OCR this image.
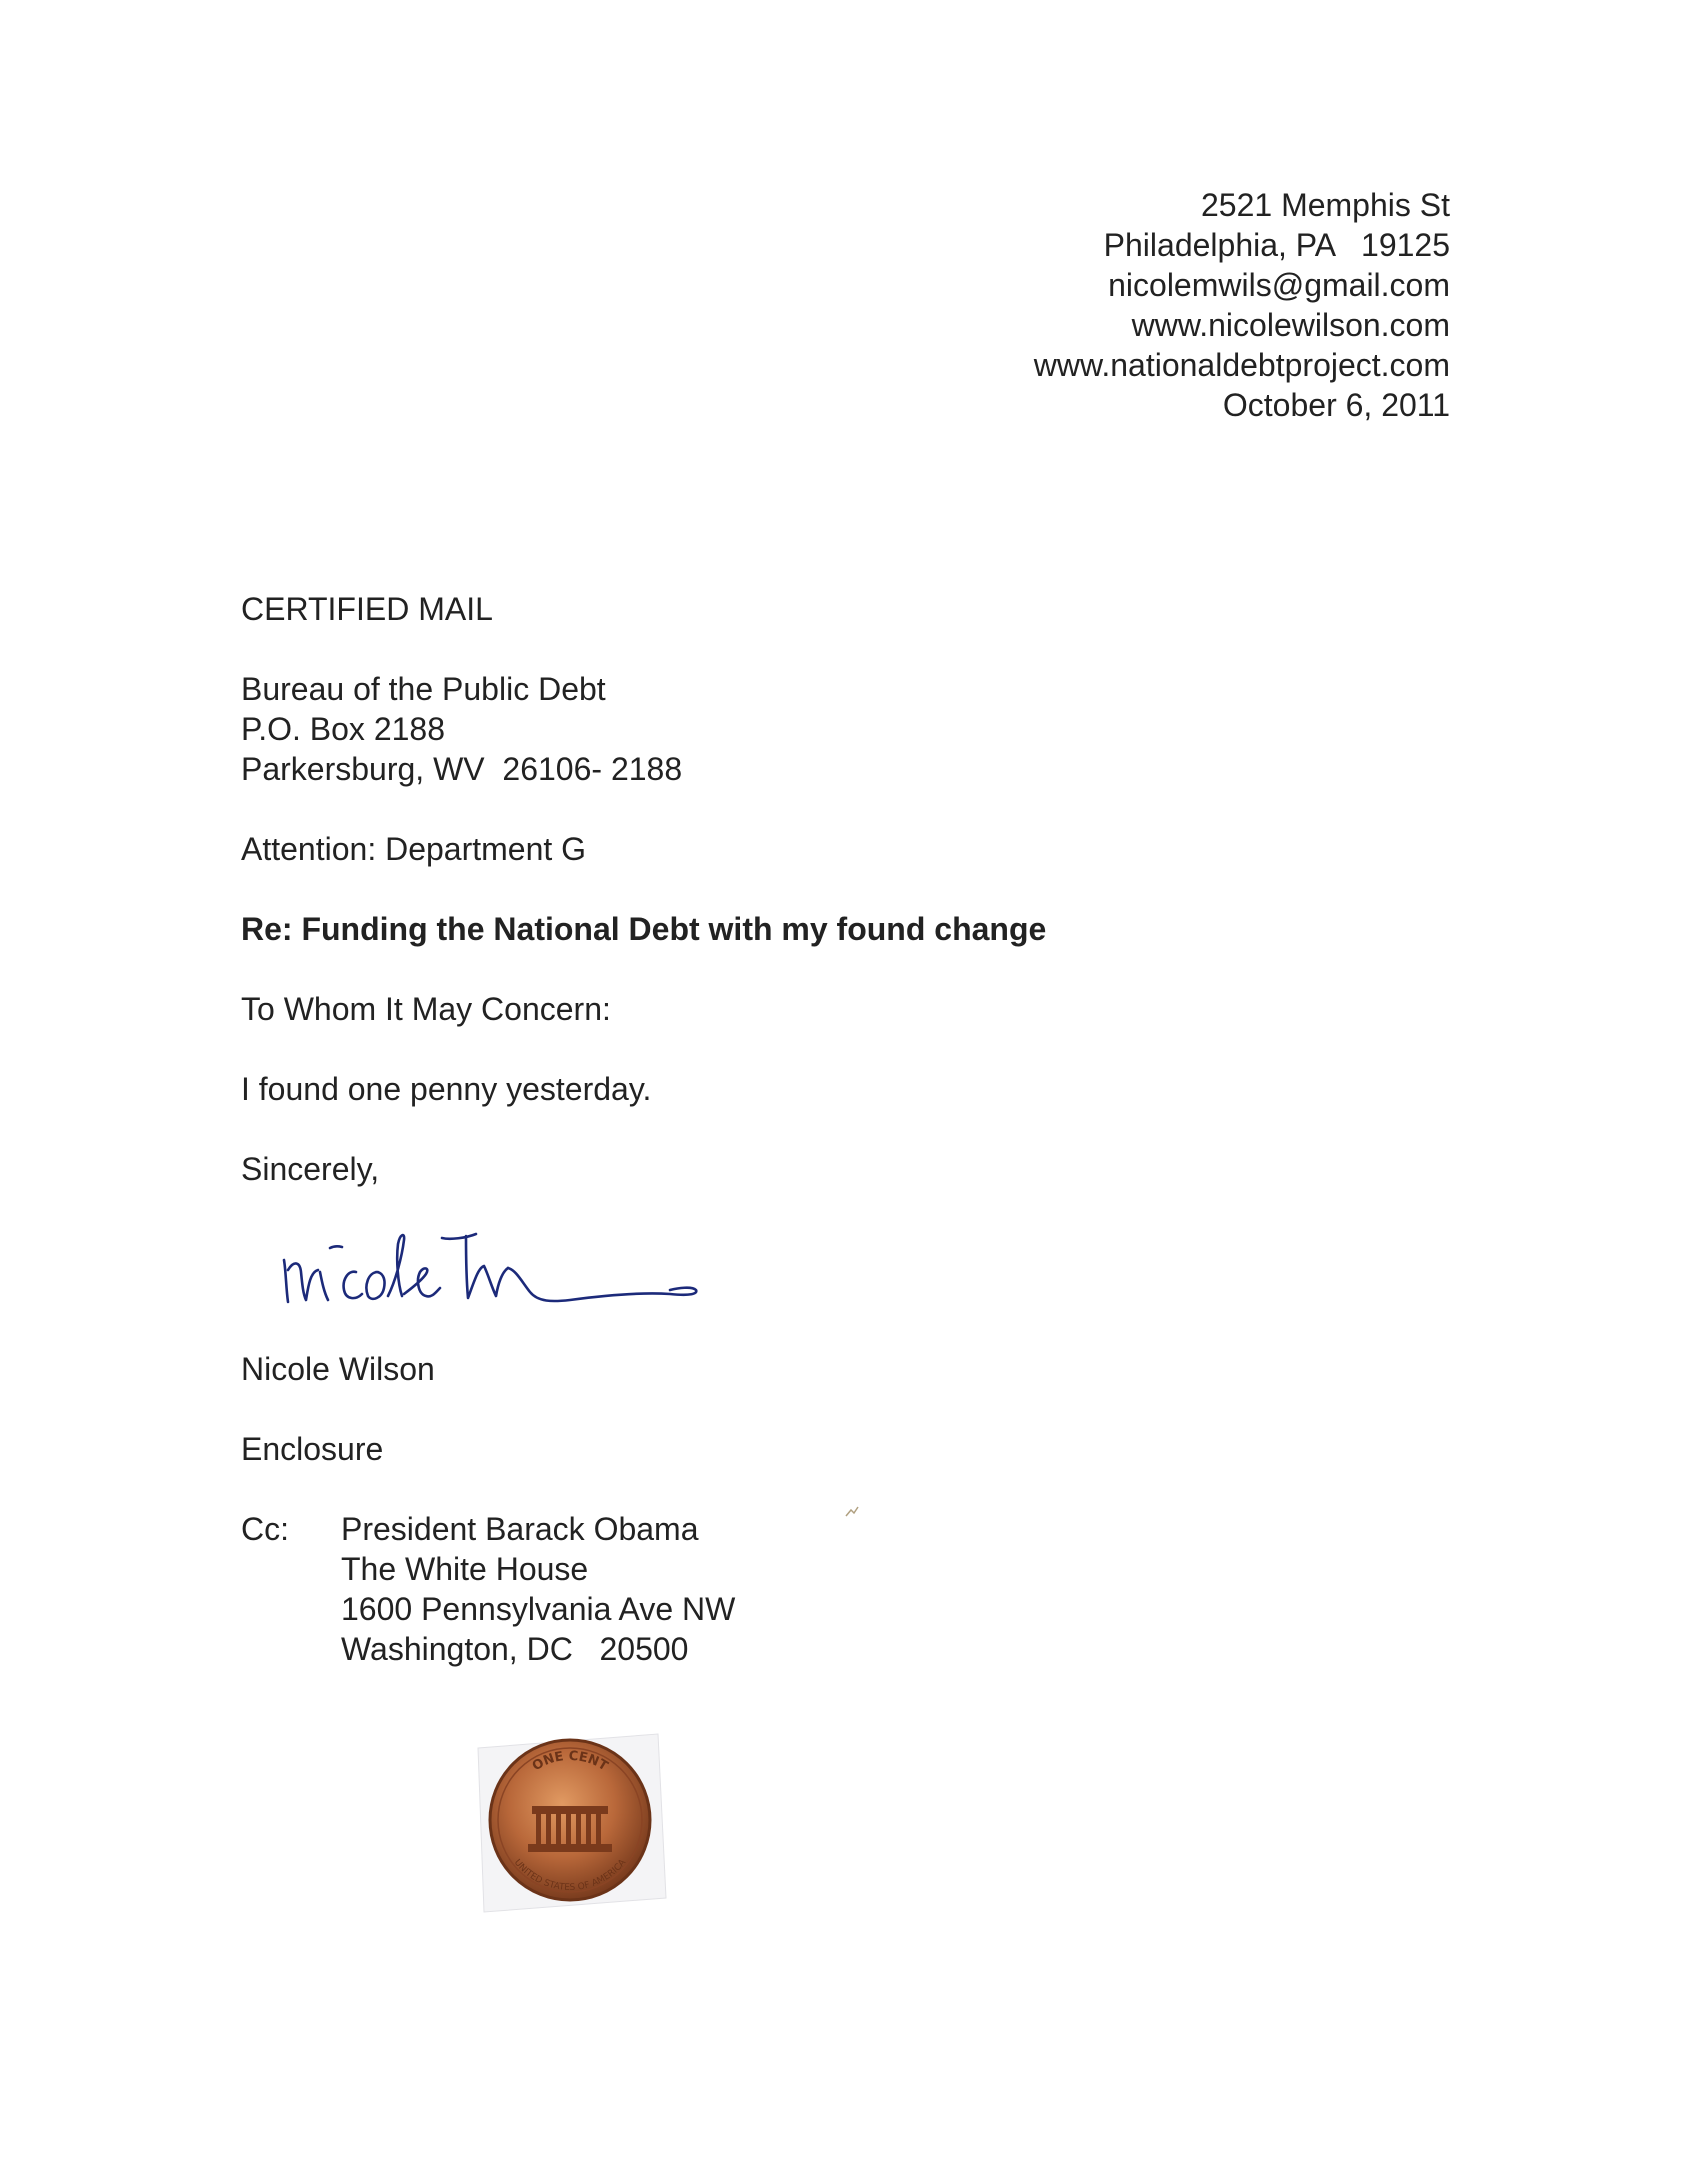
2521 Memphis St
Philadelphia, PA   19125
nicolemwils@gmail.com
www.nicolewilson.com
www.nationaldebtproject.com
October 6, 2011
CERTIFIED MAIL
Bureau of the Public Debt
P.O. Box 2188
Parkersburg, WV  26106- 2188
Attention: Department G
Re: Funding the National Debt with my found change
To Whom It May Concern:
I found one penny yesterday.
Sincerely,
Nicole Wilson
Enclosure
Cc: President Barack Obama
The White House
1600 Pennsylvania Ave NW
Washington, DC   20500
ONE CENT
UNITED STATES OF AMERICA
